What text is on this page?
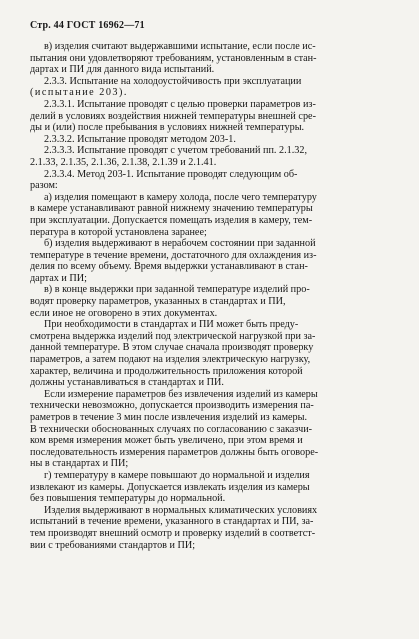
Стр. 44 ГОСТ 16962—71
в) изделия считают выдержавшими испытание, если после ис-
пытания они удовлетворяют требованиям, установленным в стан-
дартах и ПИ для данного вида испытаний.
2.3.3. Испытание на холодоустойчивость при эксплуатации
(испытание 203).
2.3.3.1. Испытание проводят с целью проверки параметров из-
делий в условиях воздействия нижней температуры внешней сре-
ды и (или) после пребывания в условиях нижней температуры.
2.3.3.2. Испытание проводят методом 203-1.
2.3.3.3. Испытание проводят с учетом требований пп. 2.1.32,
2.1.33, 2.1.35, 2.1.36, 2.1.38, 2.1.39 и 2.1.41.
2.3.3.4. Метод 203-1. Испытание проводят следующим об-
разом:
а) изделия помещают в камеру холода, после чего температуру
в камере устанавливают равной нижнему значению температуры
при эксплуатации. Допускается помещать изделия в камеру, тем-
пература в которой установлена заранее;
б) изделия выдерживают в нерабочем состоянии при заданной
температуре в течение времени, достаточного для охлаждения из-
делия по всему объему. Время выдержки устанавливают в стан-
дартах и ПИ;
в) в конце выдержки при заданной температуре изделий про-
водят проверку параметров, указанных в стандартах и ПИ,
если иное не оговорено в этих документах.
При необходимости в стандартах и ПИ может быть преду-
смотрена выдержка изделий под электрической нагрузкой при за-
данной температуре. В этом случае сначала производят проверку
параметров, а затем подают на изделия электрическую нагрузку,
характер, величина и продолжительность приложения которой
должны устанавливаться в стандартах и ПИ.
Если измерение параметров без извлечения изделий из камеры
технически невозможно, допускается производить измерения па-
раметров в течение 3 мин после извлечения изделий из камеры.
В технически обоснованных случаях по согласованию с заказчи-
ком время измерения может быть увеличено, при этом время и
последовательность измерения параметров должны быть оговоре-
ны в стандартах и ПИ;
г) температуру в камере повышают до нормальной и изделия
извлекают из камеры. Допускается извлекать изделия из камеры
без повышения температуры до нормальной.
Изделия выдерживают в нормальных климатических условиях
испытаний в течение времени, указанного в стандартах и ПИ, за-
тем производят внешний осмотр и проверку изделий в соответст-
вии с требованиями стандартов и ПИ;
